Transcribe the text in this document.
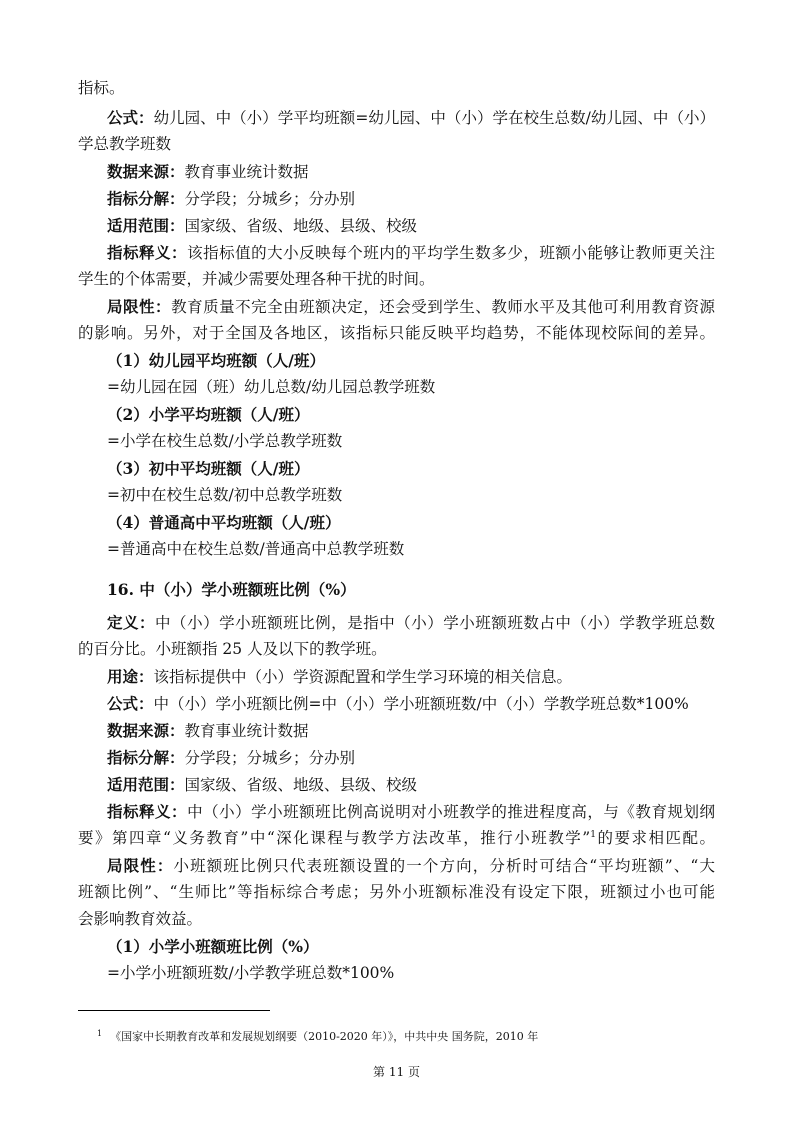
指标。
公式：幼儿园、中（小）学平均班额=幼儿园、中（小）学在校生总数/幼儿园、中（小）
学总教学班数
数据来源：教育事业统计数据
指标分解：分学段；分城乡；分办别
适用范围：国家级、省级、地级、县级、校级
指标释义：该指标值的大小反映每个班内的平均学生数多少，班额小能够让教师更关注
学生的个体需要，并减少需要处理各种干扰的时间。
局限性：教育质量不完全由班额决定，还会受到学生、教师水平及其他可利用教育资源
的影响。另外，对于全国及各地区，该指标只能反映平均趋势，不能体现校际间的差异。
（1）幼儿园平均班额（人/班）
=幼儿园在园（班）幼儿总数/幼儿园总教学班数
（2）小学平均班额（人/班）
=小学在校生总数/小学总教学班数
（3）初中平均班额（人/班）
=初中在校生总数/初中总教学班数
（4）普通高中平均班额（人/班）
=普通高中在校生总数/普通高中总教学班数
16. 中（小）学小班额班比例（%）
定义：中（小）学小班额班比例，是指中（小）学小班额班数占中（小）学教学班总数
的百分比。小班额指 25 人及以下的教学班。
用途：该指标提供中（小）学资源配置和学生学习环境的相关信息。
公式：中（小）学小班额比例=中（小）学小班额班数/中（小）学教学班总数*100%
数据来源：教育事业统计数据
指标分解：分学段；分城乡；分办别
适用范围：国家级、省级、地级、县级、校级
指标释义：中（小）学小班额班比例高说明对小班教学的推进程度高，与《教育规划纲
要》第四章“义务教育”中“深化课程与教学方法改革，推行小班教学”$^1$的要求相匹配。
局限性：小班额班比例只代表班额设置的一个方向，分析时可结合“平均班额”、“大
班额比例”、“生师比”等指标综合考虑；另外小班额标准没有设定下限，班额过小也可能
会影响教育效益。
（1）小学小班额班比例（%）
=小学小班额班数/小学教学班总数*100%
$^1$ 《国家中长期教育改革和发展规划纲要（2010-2020 年）》，中共中央 国务院，2010 年
第 11 页
